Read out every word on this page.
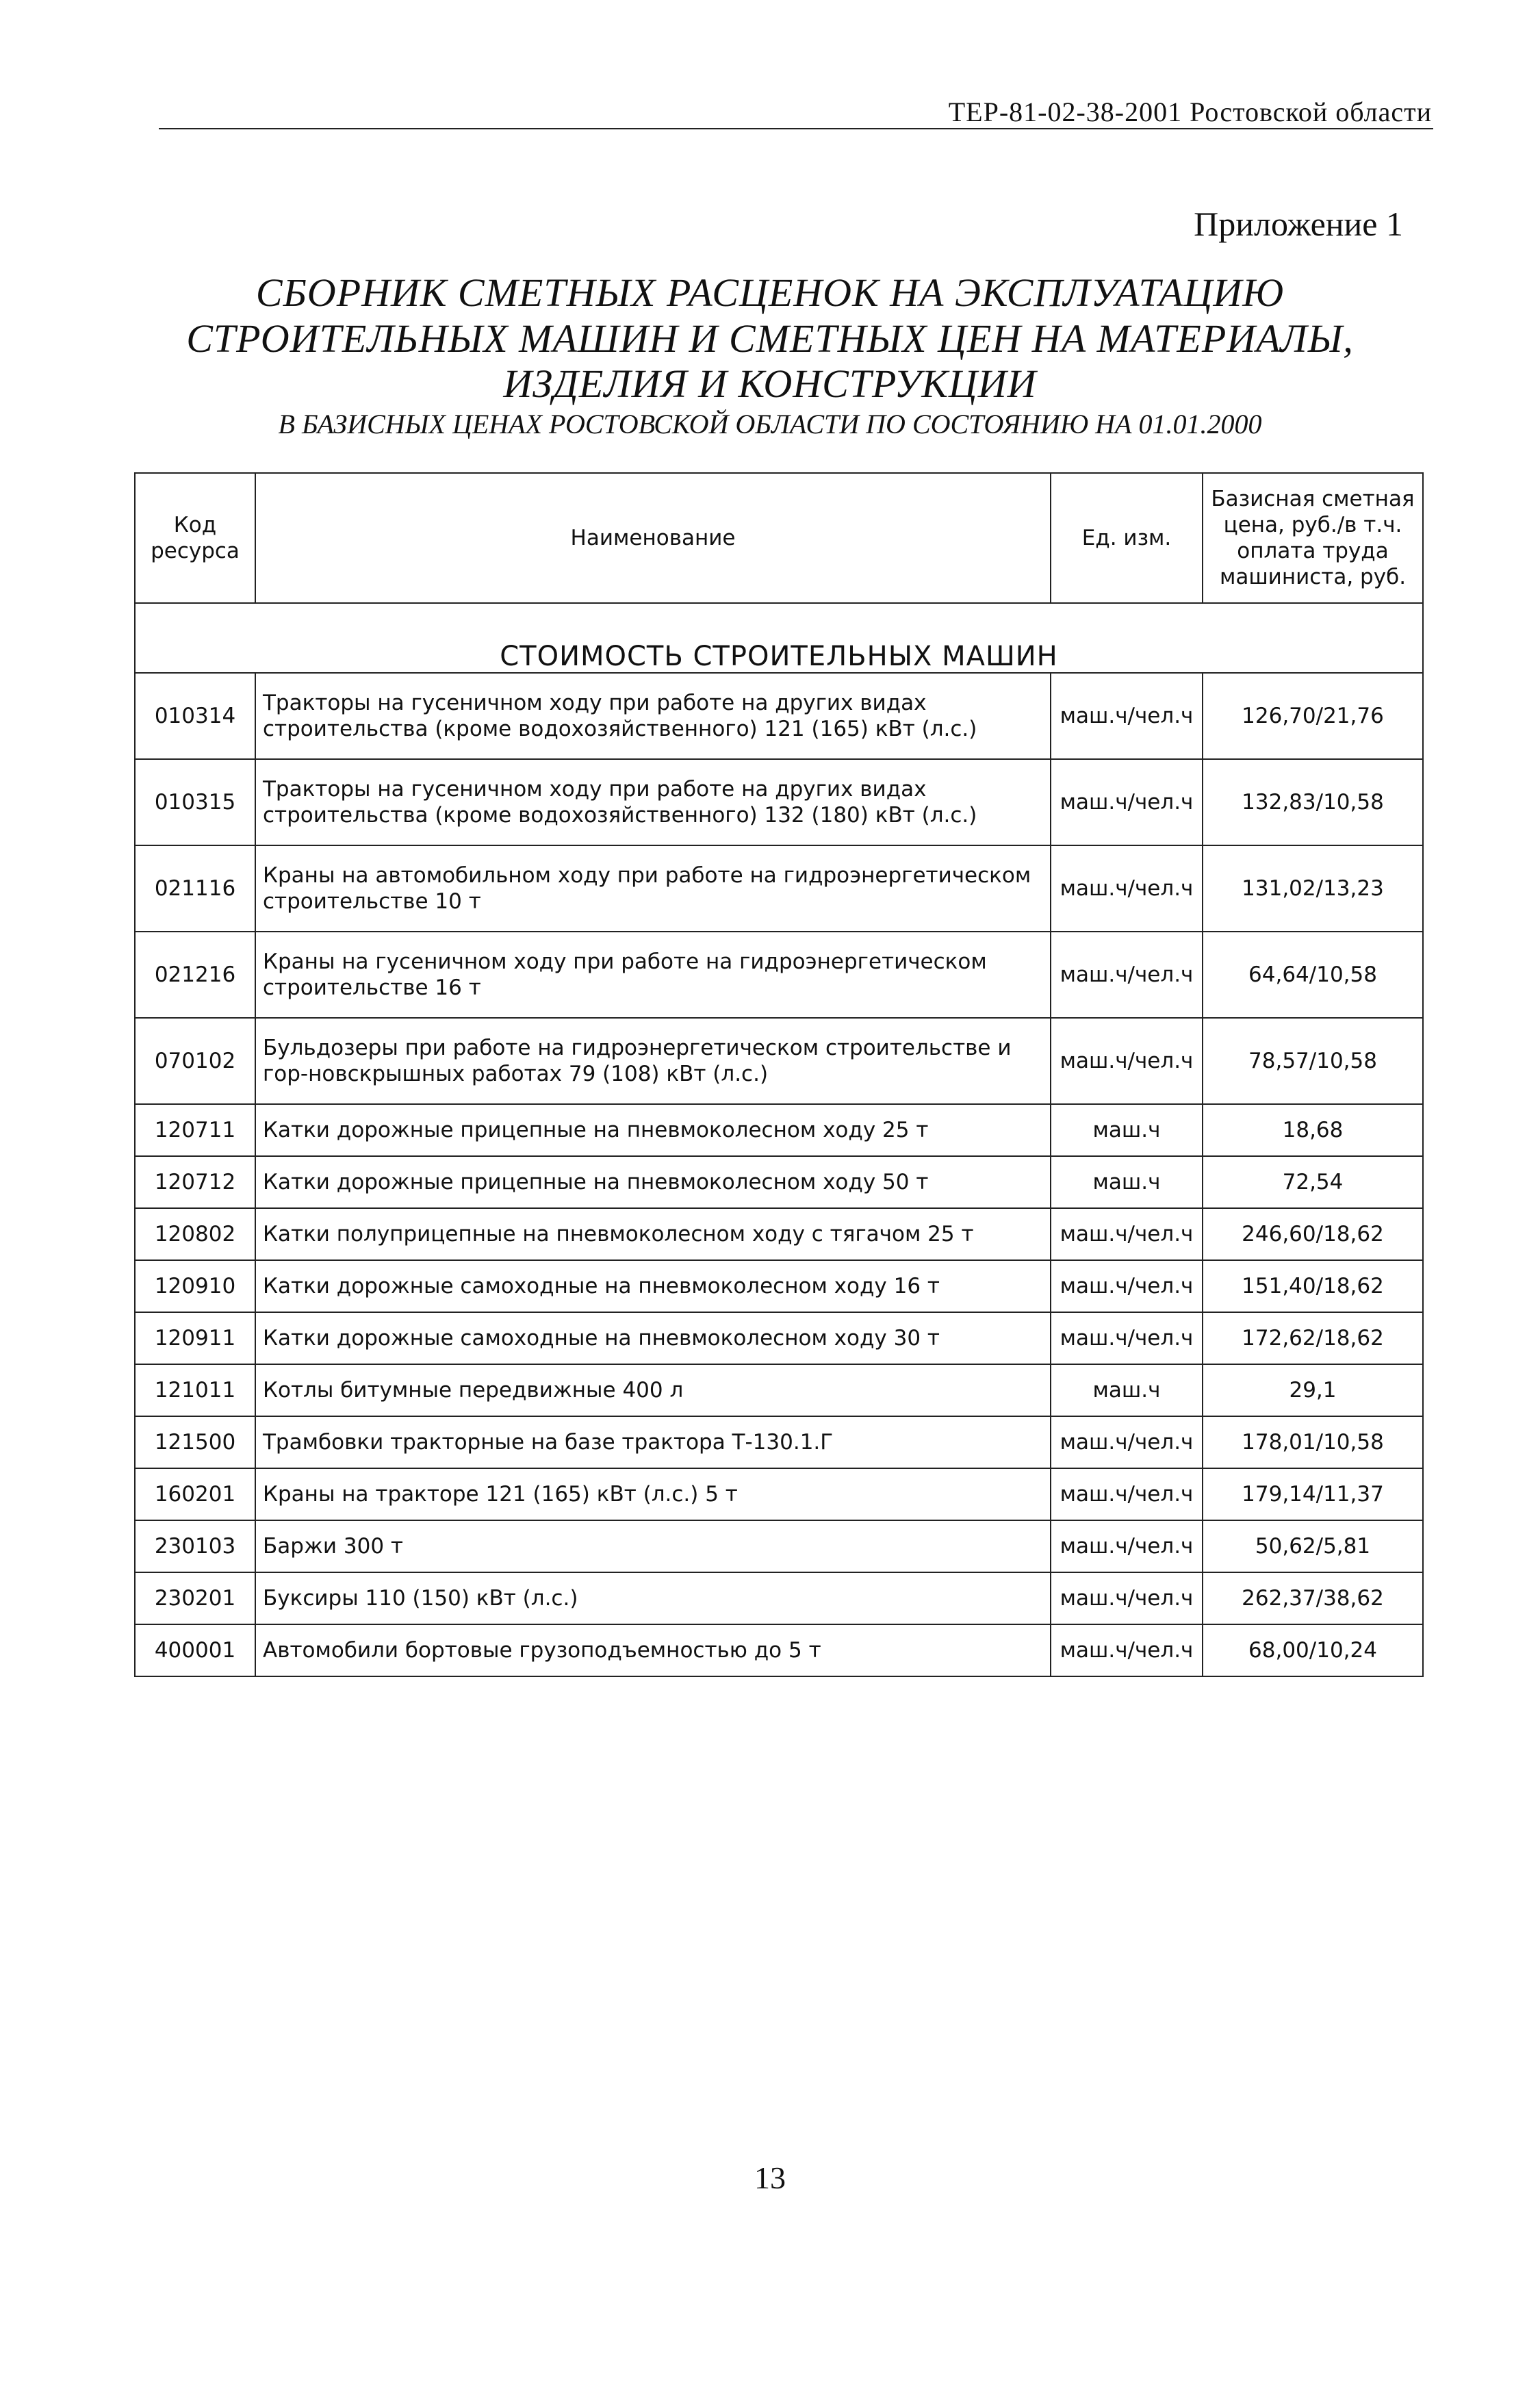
ТЕР-81-02-38-2001 Ростовской области
Приложение 1
СБОРНИК СМЕТНЫХ РАСЦЕНОК НА ЭКСПЛУАТАЦИЮ
СТРОИТЕЛЬНЫХ МАШИН И СМЕТНЫХ ЦЕН НА МАТЕРИАЛЫ,
ИЗДЕЛИЯ И КОНСТРУКЦИИ
В БАЗИСНЫХ ЦЕНАХ РОСТОВСКОЙ ОБЛАСТИ ПО СОСТОЯНИЮ НА 01.01.2000
Код ресурса	Наименование	Ед. изм.	Базисная сметная цена, руб./в т.ч. оплата труда машиниста, руб.
СТОИМОСТЬ СТРОИТЕЛЬНЫХ МАШИН			
010314	Тракторы на гусеничном ходу при работе на других видах строительства (кроме водохозяйственного) 121 (165) кВт (л.с.)	маш.ч/чел.ч	126,70/21,76
010315	Тракторы на гусеничном ходу при работе на других видах строительства (кроме водохозяйственного) 132 (180) кВт (л.с.)	маш.ч/чел.ч	132,83/10,58
021116	Краны на автомобильном ходу при работе на гидроэнергетическом строительстве 10 т	маш.ч/чел.ч	131,02/13,23
021216	Краны на гусеничном ходу при работе на гидроэнергетическом строительстве 16 т	маш.ч/чел.ч	64,64/10,58
070102	Бульдозеры при работе на гидроэнергетическом строительстве и гор-новскрышных работах 79 (108) кВт (л.с.)	маш.ч/чел.ч	78,57/10,58
120711	Катки дорожные прицепные на пневмоколесном ходу 25 т	маш.ч	18,68
120712	Катки дорожные прицепные на пневмоколесном ходу 50 т	маш.ч	72,54
120802	Катки полуприцепные на пневмоколесном ходу с тягачом 25 т	маш.ч/чел.ч	246,60/18,62
120910	Катки дорожные самоходные на пневмоколесном ходу 16 т	маш.ч/чел.ч	151,40/18,62
120911	Катки дорожные самоходные на пневмоколесном ходу 30 т	маш.ч/чел.ч	172,62/18,62
121011	Котлы битумные передвижные 400 л	маш.ч	29,1
121500	Трамбовки тракторные на базе трактора Т-130.1.Г	маш.ч/чел.ч	178,01/10,58
160201	Краны на тракторе 121 (165) кВт (л.с.) 5 т	маш.ч/чел.ч	179,14/11,37
230103	Баржи 300 т	маш.ч/чел.ч	50,62/5,81
230201	Буксиры 110 (150) кВт (л.с.)	маш.ч/чел.ч	262,37/38,62
400001	Автомобили бортовые грузоподъемностью до 5 т	маш.ч/чел.ч	68,00/10,24
13
